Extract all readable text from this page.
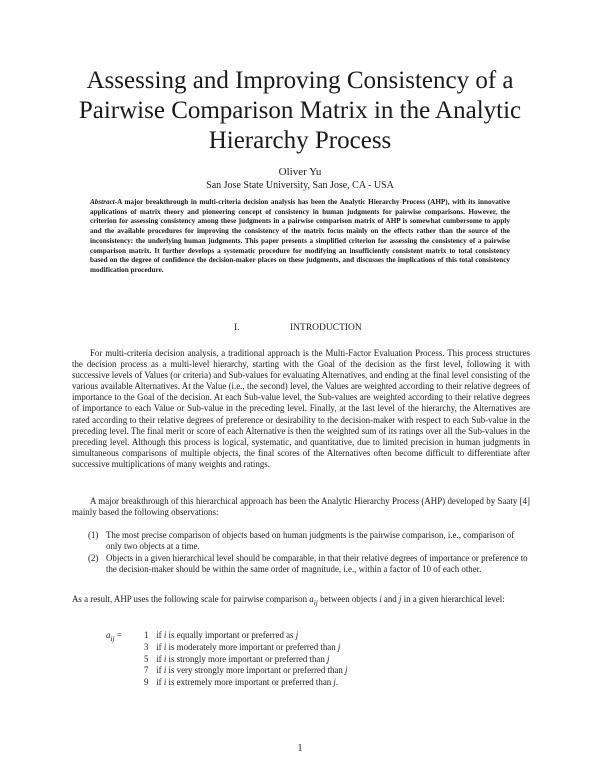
Assessing and Improving Consistency of a Pairwise Comparison Matrix in the Analytic Hierarchy Process
Oliver Yu
San Jose State University, San Jose, CA - USA

Abstract-A major breakthrough in multi-criteria decision analysis has been the Analytic Hierarchy Process (AHP), with its innovative applications of matrix theory and pioneering concept of consistency in human judgments for pairwise comparisons. However, the criterion for assessing consistency among these judgments in a pairwise comparison matrix of AHP is somewhat cumbersome to apply and the available procedures for improving the consistency of the matrix focus mainly on the effects rather than the source of the inconsistency: the underlying human judgments. This paper presents a simplified criterion for assessing the consistency of a pairwise comparison matrix. It further develops a systematic procedure for modifying an insufficiently consistent matrix to total consistency based on the degree of confidence the decision-maker places on these judgments, and discusses the implications of this total consistency modification procedure.

I.	INTRODUCTION

For multi-criteria decision analysis, a traditional approach is the Multi-Factor Evaluation Process. This process structures the decision process as a multi-level hierarchy, starting with the Goal of the decision as the first level, following it with successive levels of Values (or criteria) and Sub-values for evaluating Alternatives, and ending at the final level consisting of the various available Alternatives. At the Value (i.e., the second) level, the Values are weighted according to their relative degrees of importance to the Goal of the decision. At each Sub-value level, the Sub-values are weighted according to their relative degrees of importance to each Value or Sub-value in the preceding level. Finally, at the last level of the hierarchy, the Alternatives are rated according to their relative degrees of preference or desirability to the decision-maker with respect to each Sub-value in the preceding level. The final merit or score of each Alternative is then the weighted sum of its ratings over all the Sub-values in the preceding level. Although this process is logical, systematic, and quantitative, due to limited precision in human judgments in simultaneous comparisons of multiple objects, the final scores of the Alternatives often become difficult to differentiate after successive multiplications of many weights and ratings.

A major breakthrough of this hierarchical approach has been the Analytic Hierarchy Process (AHP) developed by Saaty [4] mainly based the following observations:

(1) The most precise comparison of objects based on human judgments is the pairwise comparison, i.e., comparison of only two objects at a time.
(2) Objects in a given hierarchical level should be comparable, in that their relative degrees of importance or preference to the decision-maker should be within the same order of magnitude, i.e., within a factor of 10 of each other.

As a result, AHP uses the following scale for pairwise comparison $a_{ij}$ between objects i and j in a given hierarchical level:

$a_{ij} = 1$ if i is equally important or preferred as j
3 if i is moderately more important or preferred than j
5 if i is strongly more important or preferred than j
7 if i is very strongly more important or preferred than j
9 if i is extremely more important or preferred than j.
1
